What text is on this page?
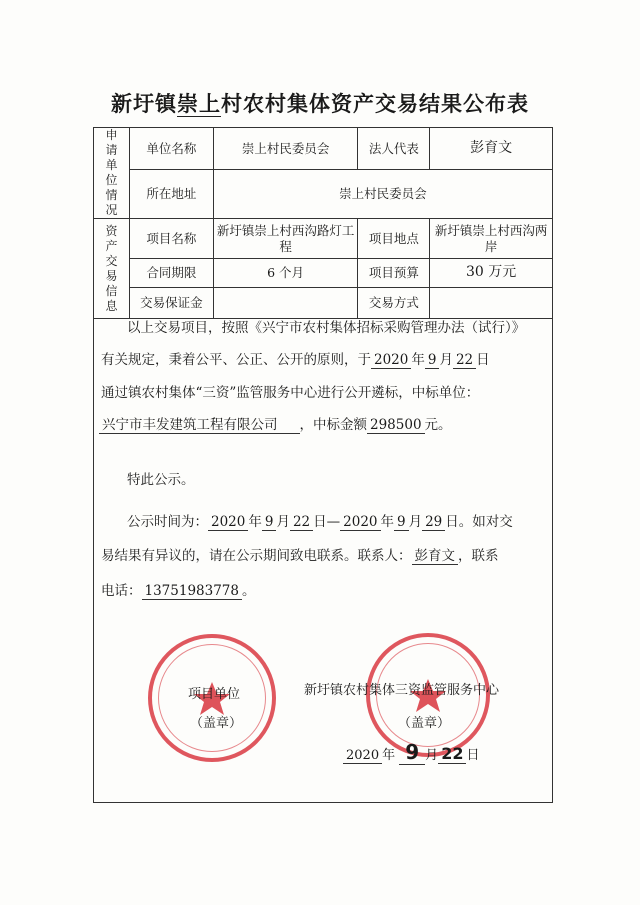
新圩镇崇上村农村集体资产交易结果公布表
申请单位情况	单位名称	崇上村民委员会	法人代表	彭育文
	所在地址	崇上村民委员会		
资产交易信息	项目名称	新圩镇崇上村西沟路灯工程	项目地点	新圩镇崇上村西沟两岸
	合同期限	6 个月	项目预算	30 万元
	交易保证金		交易方式	
以上交易项目，按照《兴宁市农村集体招标采购管理办法（试行）》
有关规定，秉着公平、公正、公开的原则，于 2020 年 9 月 22 日
通过镇农村集体“三资”监管服务中心进行公开遴标，中标单位：
兴宁市丰发建筑工程有限公司 ，中标金额 298500 元。
特此公示。
公示时间为： 2020 年 9 月 22 日— 2020 年 9 月 29 日。如对交
易结果有异议的，请在公示期间致电联系。联系人： 彭育文 ，联系
电话： 13751983778 。
项目单位
（盖章）
新圩镇农村集体三资监管服务中心
（盖章）
2020 年 9 月 22 日
